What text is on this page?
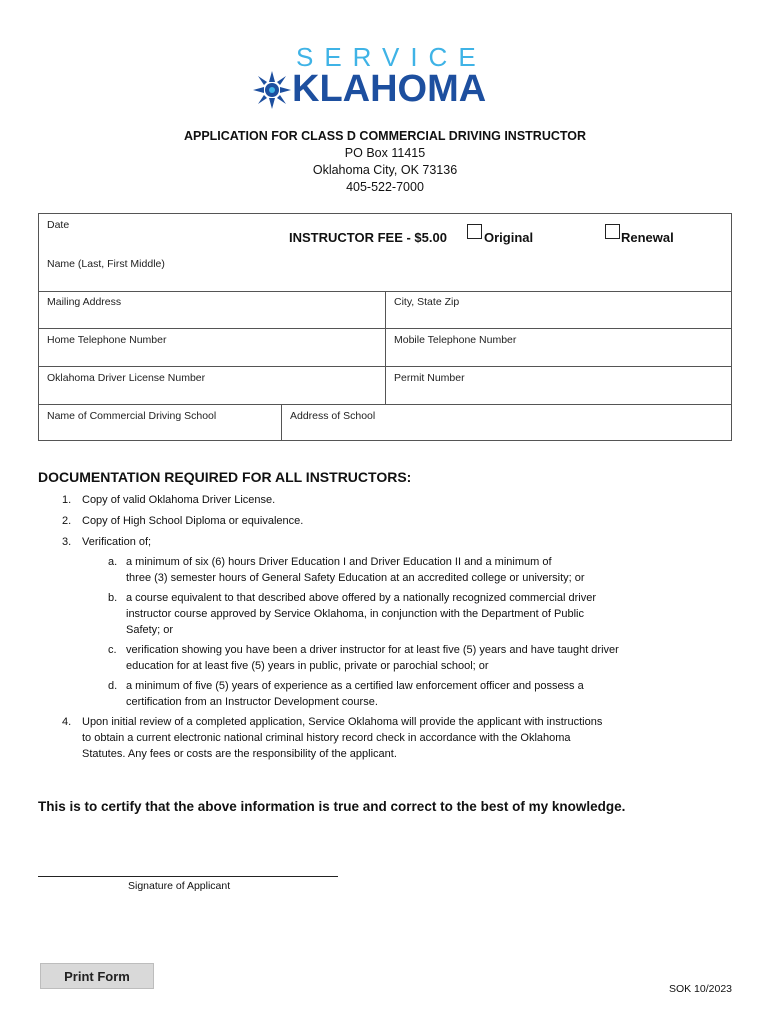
SERVICE
KLAHOMA
APPLICATION FOR CLASS D COMMERCIAL DRIVING INSTRUCTOR
PO Box 11415
Oklahoma City, OK 73136
405-522-7000
Date
INSTRUCTOR FEE - $5.00	Original	Renewal
Name (Last, First Middle)
Mailing Address	City, State Zip
Home Telephone Number	Mobile Telephone Number
Oklahoma Driver License Number	Permit Number
Name of Commercial Driving School	Address of School
DOCUMENTATION REQUIRED FOR ALL INSTRUCTORS:
1. Copy of valid Oklahoma Driver License.
2. Copy of High School Diploma or equivalence.
3. Verification of;
a. a minimum of six (6) hours Driver Education I and Driver Education II and a minimum of
three (3) semester hours of General Safety Education at an accredited college or university; or
b. a course equivalent to that described above offered by a nationally recognized commercial driver
instructor course approved by Service Oklahoma, in conjunction with the Department of Public
Safety; or
c. verification showing you have been a driver instructor for at least five (5) years and have taught driver
education for at least five (5) years in public, private or parochial school; or
d. a minimum of five (5) years of experience as a certified law enforcement officer and possess a
certification from an Instructor Development course.
4. Upon initial review of a completed application, Service Oklahoma will provide the applicant with instructions
to obtain a current electronic national criminal history record check in accordance with the Oklahoma
Statutes. Any fees or costs are the responsibility of the applicant.
This is to certify that the above information is true and correct to the best of my knowledge.
Signature of Applicant
Print Form
SOK 10/2023
